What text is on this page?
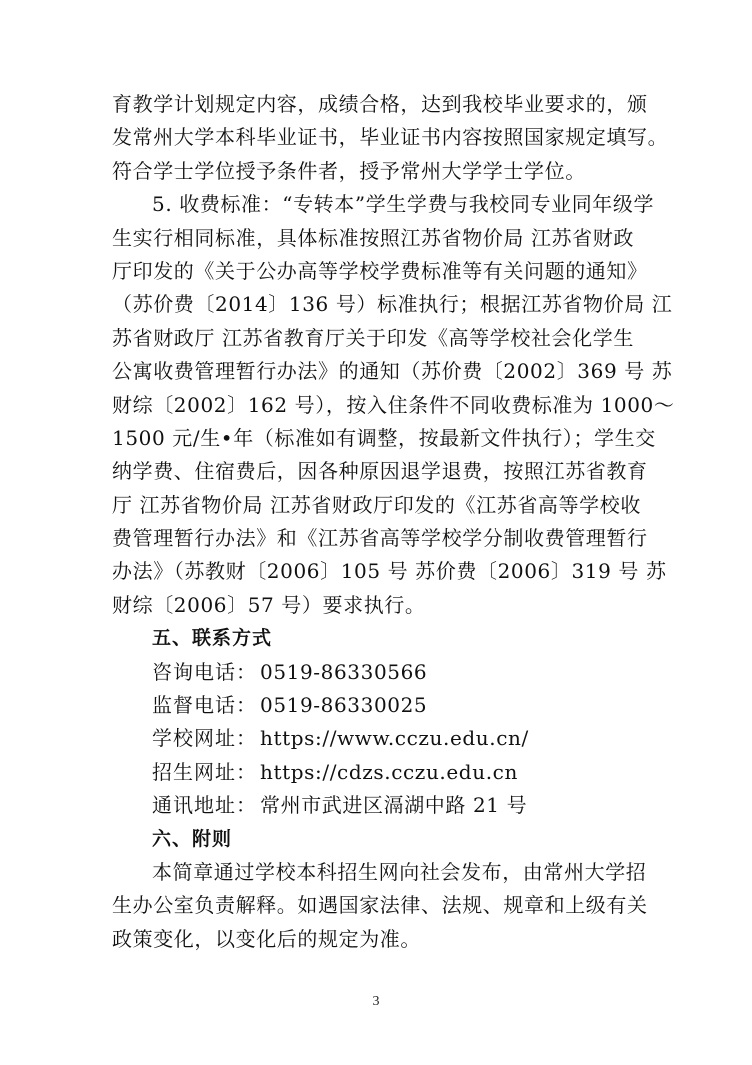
育教学计划规定内容，成绩合格，达到我校毕业要求的，颁
发常州大学本科毕业证书，毕业证书内容按照国家规定填写。
符合学士学位授予条件者，授予常州大学学士学位。
5. 收费标准：“专转本”学生学费与我校同专业同年级学
生实行相同标准，具体标准按照江苏省物价局 江苏省财政
厅印发的《关于公办高等学校学费标准等有关问题的通知》
（苏价费〔2014〕136 号）标准执行；根据江苏省物价局 江
苏省财政厅 江苏省教育厅关于印发《高等学校社会化学生
公寓收费管理暂行办法》的通知（苏价费〔2002〕369 号 苏
财综〔2002〕162 号），按入住条件不同收费标准为 1000～
1500 元/生•年（标准如有调整，按最新文件执行）；学生交
纳学费、住宿费后，因各种原因退学退费，按照江苏省教育
厅 江苏省物价局 江苏省财政厅印发的《江苏省高等学校收
费管理暂行办法》和《江苏省高等学校学分制收费管理暂行
办法》（苏教财〔2006〕105 号 苏价费〔2006〕319 号 苏
财综〔2006〕57 号）要求执行。
五、联系方式
咨询电话： 0519-86330566
监督电话： 0519-86330025
学校网址： https://www.cczu.edu.cn/
招生网址： https://cdzs.cczu.edu.cn
通讯地址： 常州市武进区滆湖中路 21 号
六、附则
本简章通过学校本科招生网向社会发布，由常州大学招
生办公室负责解释。如遇国家法律、法规、规章和上级有关
政策变化，以变化后的规定为准。
3
